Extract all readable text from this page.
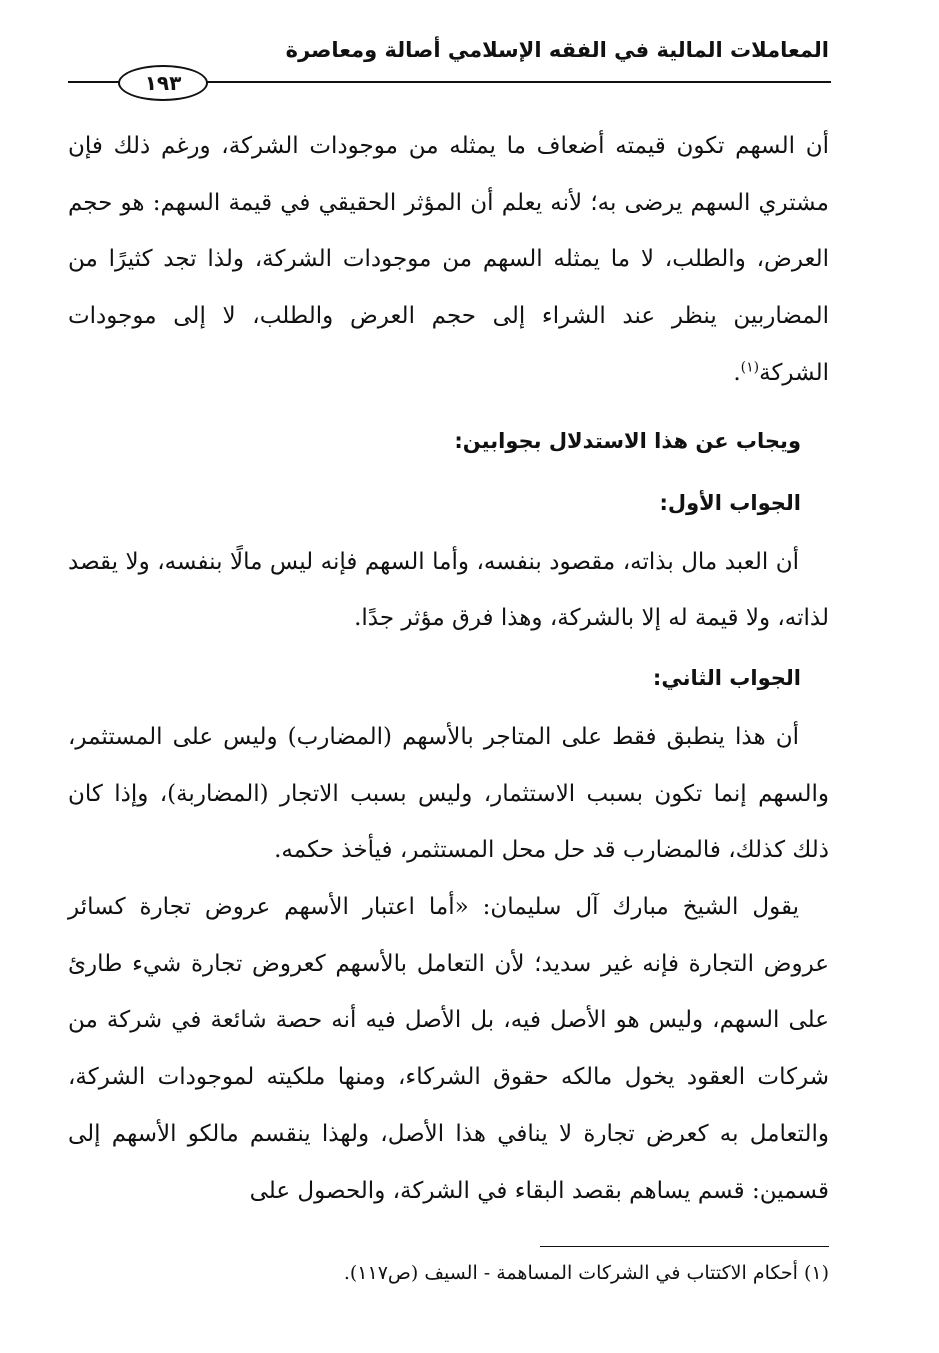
المعاملات المالية في الفقه الإسلامي أصالة ومعاصرة
١٩٣

أن السهم تكون قيمته أضعاف ما يمثله من موجودات الشركة، ورغم ذلك فإن مشتري السهم يرضى به؛ لأنه يعلم أن المؤثر الحقيقي في قيمة السهم: هو حجم العرض، والطلب، لا ما يمثله السهم من موجودات الشركة، ولذا تجد كثيرًا من المضاربين ينظر عند الشراء إلى حجم العرض والطلب، لا إلى موجودات الشركة$^{(١)}$.

ويجاب عن هذا الاستدلال بجوابين:

الجواب الأول:

أن العبد مال بذاته، مقصود بنفسه، وأما السهم فإنه ليس مالًا بنفسه، ولا يقصد لذاته، ولا قيمة له إلا بالشركة، وهذا فرق مؤثر جدًا.

الجواب الثاني:

أن هذا ينطبق فقط على المتاجر بالأسهم (المضارب) وليس على المستثمر، والسهم إنما تكون بسبب الاستثمار، وليس بسبب الاتجار (المضاربة)، وإذا كان ذلك كذلك، فالمضارب قد حل محل المستثمر، فيأخذ حكمه.

يقول الشيخ مبارك آل سليمان: «أما اعتبار الأسهم عروض تجارة كسائر عروض التجارة فإنه غير سديد؛ لأن التعامل بالأسهم كعروض تجارة شيء طارئ على السهم، وليس هو الأصل فيه، بل الأصل فيه أنه حصة شائعة في شركة من شركات العقود يخول مالكه حقوق الشركاء، ومنها ملكيته لموجودات الشركة، والتعامل به كعرض تجارة لا ينافي هذا الأصل، ولهذا ينقسم مالكو الأسهم إلى قسمين: قسم يساهم بقصد البقاء في الشركة، والحصول على

(١) أحكام الاكتتاب في الشركات المساهمة - السيف (ص١١٧).
